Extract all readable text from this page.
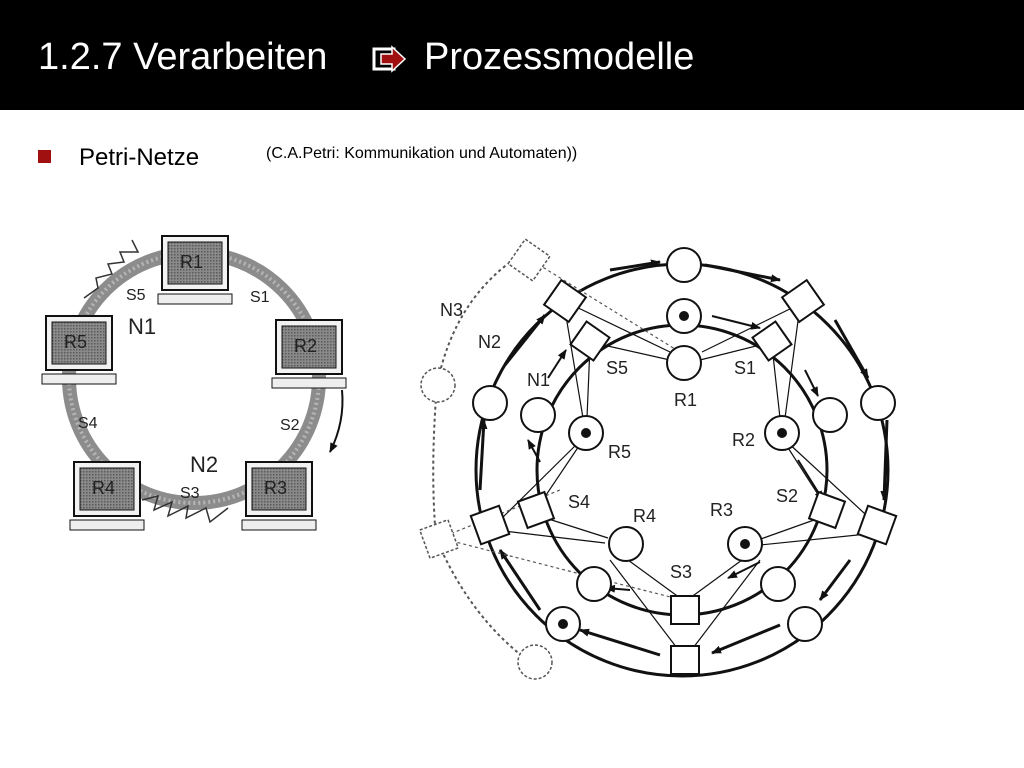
1.2.7 Verarbeiten	Prozessmodelle
Petri-Netze	(C.A.Petri: Kommunikation und Automaten))
R1
R2
R3
R4
R5
N1
N2
S1
S2
S3
S4
S5
N3
N2
N1
R1
R2
R3
R4
R5
S1
S2
S3
S4
S5
